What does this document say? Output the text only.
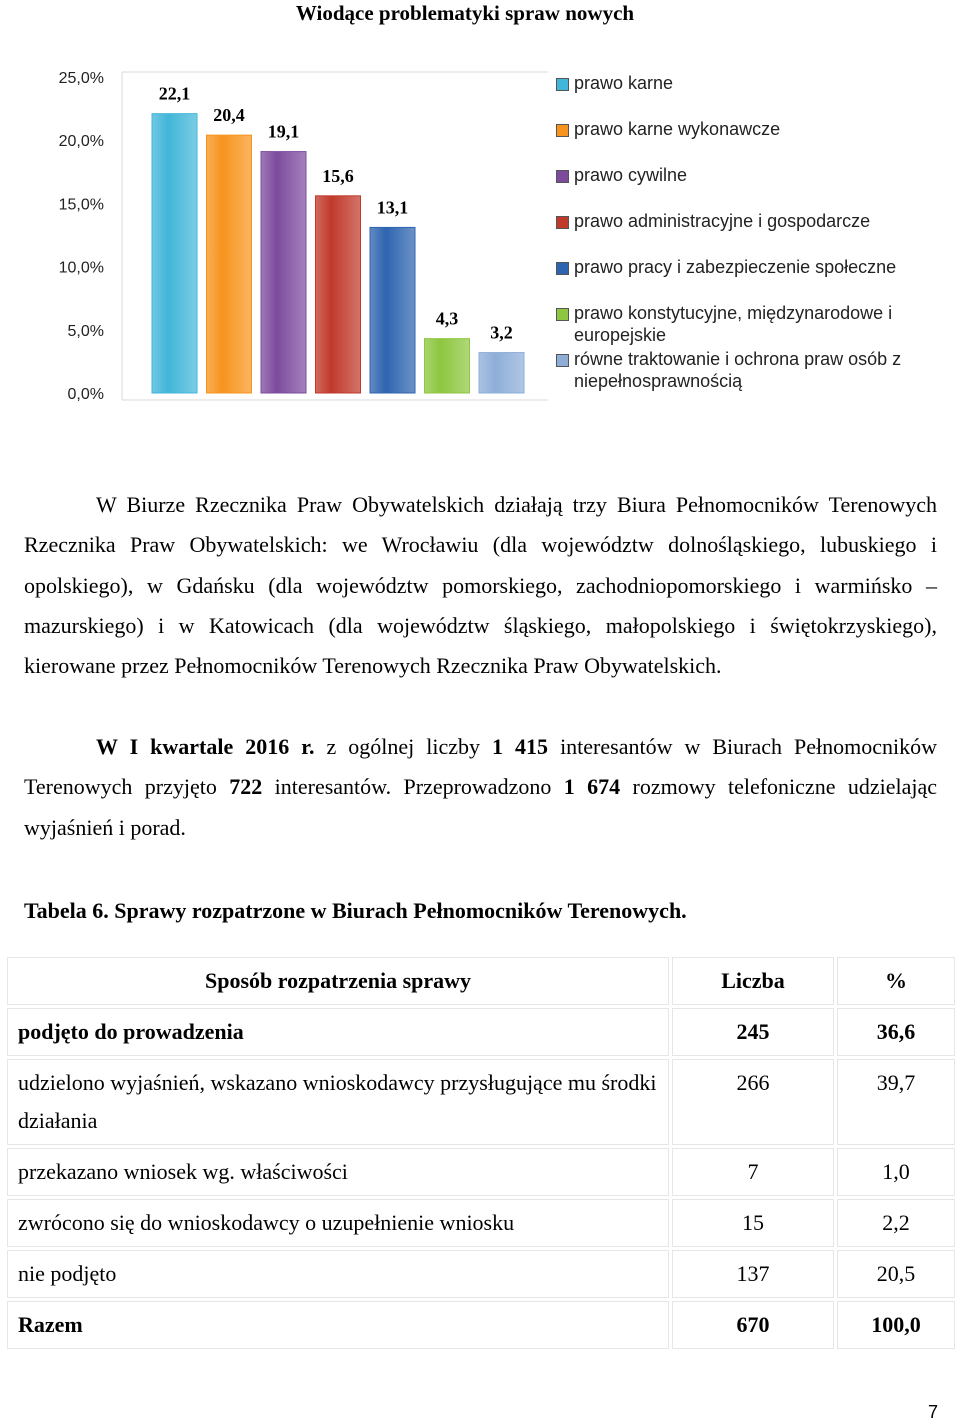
Wiodące problematyki spraw nowych
25,0%
20,0%
15,0%
10,0%
5,0%
0,0%
22,1
20,4
19,1
15,6
13,1
4,3
3,2
prawo karne
prawo karne wykonawcze
prawo cywilne
prawo administracyjne i gospodarcze
prawo pracy i zabezpieczenie społeczne
prawo konstytucyjne, międzynarodowe i europejskie
równe traktowanie i ochrona praw osób z niepełnosprawnością

W Biurze Rzecznika Praw Obywatelskich działają trzy Biura Pełnomocników Terenowych Rzecznika Praw Obywatelskich: we Wrocławiu (dla województw dolnośląskiego, lubuskiego i opolskiego), w Gdańsku (dla województw pomorskiego, zachodniopomorskiego i warmińsko – mazurskiego) i w Katowicach (dla województw śląskiego, małopolskiego i świętokrzyskiego), kierowane przez Pełnomocników Terenowych Rzecznika Praw Obywatelskich.

W I kwartale 2016 r. z ogólnej liczby 1 415 interesantów w Biurach Pełnomocników Terenowych przyjęto 722 interesantów. Przeprowadzono 1 674 rozmowy telefoniczne udzielając wyjaśnień i porad.

Tabela 6. Sprawy rozpatrzone w Biurach Pełnomocników Terenowych.
Sposób rozpatrzenia sprawy	Liczba	%
podjęto do prowadzenia	245	36,6
udzielono wyjaśnień, wskazano wnioskodawcy przysługujące mu środki działania	266	39,7
przekazano wniosek wg. właściwości	7	1,0
zwrócono się do wnioskodawcy o uzupełnienie wniosku	15	2,2
nie podjęto	137	20,5
Razem	670	100,0
7
